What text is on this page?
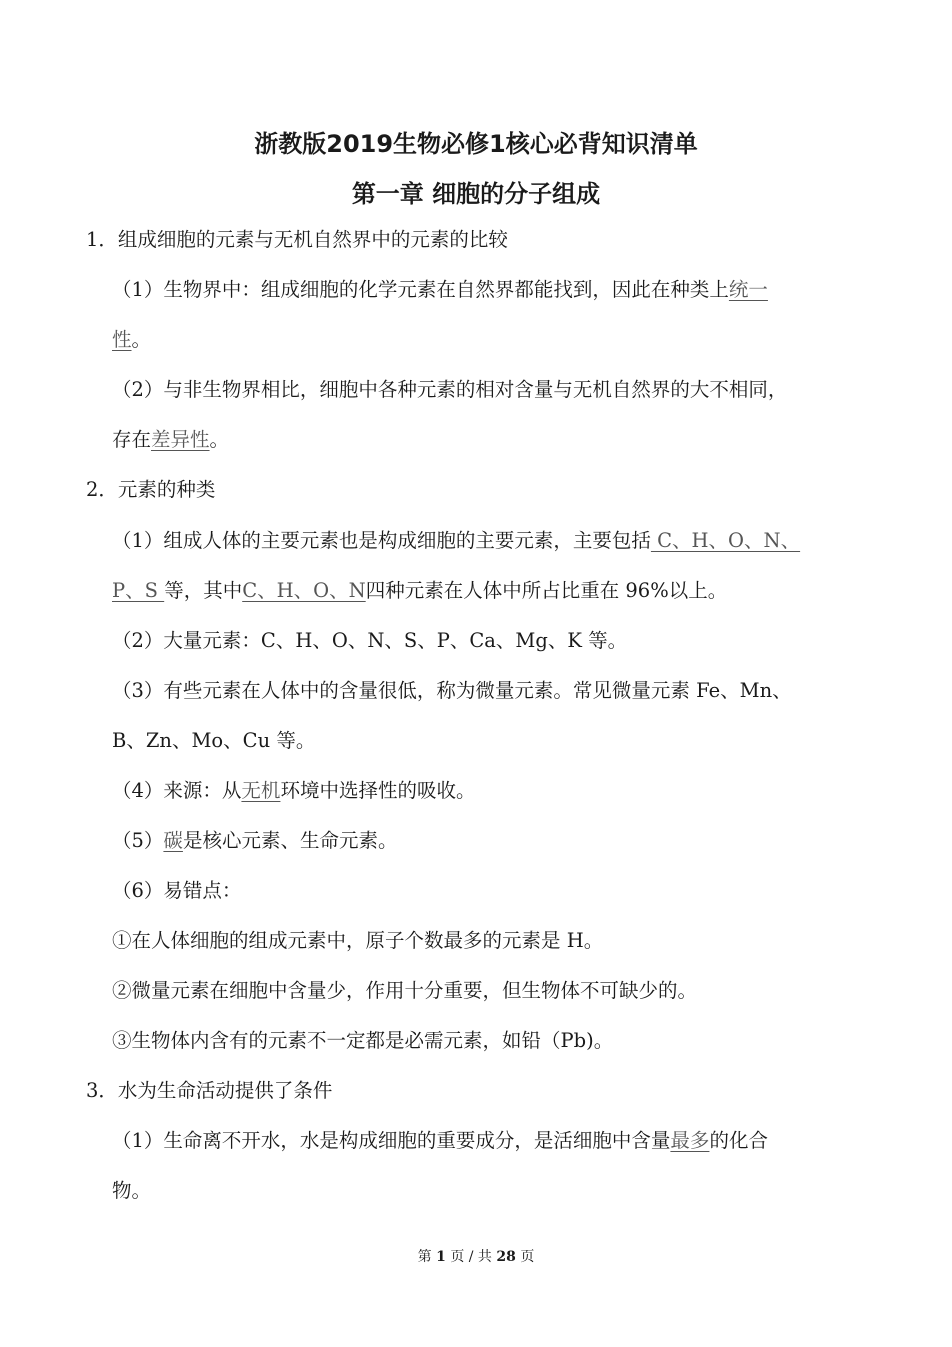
浙教版2019生物必修1核心必背知识清单
第一章 细胞的分子组成
1．组成细胞的元素与无机自然界中的元素的比较
（1）生物界中：组成细胞的化学元素在自然界都能找到，因此在种类上统一
性。
（2）与非生物界相比，细胞中各种元素的相对含量与无机自然界的大不相同，
存在差异性。
2．元素的种类
（1）组成人体的主要元素也是构成细胞的主要元素，主要包括 C、H、O、N、
P、S 等，其中C、H、O、N四种元素在人体中所占比重在 96%以上。
（2）大量元素：C、H、O、N、S、P、Ca、Mg、K 等。
（3）有些元素在人体中的含量很低，称为微量元素。常见微量元素 Fe、Mn、
B、Zn、Mo、Cu 等。
（4）来源：从无机环境中选择性的吸收。
（5）碳是核心元素、生命元素。
（6）易错点：
①在人体细胞的组成元素中，原子个数最多的元素是 H。
②微量元素在细胞中含量少，作用十分重要，但生物体不可缺少的。
③生物体内含有的元素不一定都是必需元素，如铅（Pb)。
3．水为生命活动提供了条件
（1）生命离不开水，水是构成细胞的重要成分，是活细胞中含量最多的化合
物。
第 1 页 / 共 28 页
